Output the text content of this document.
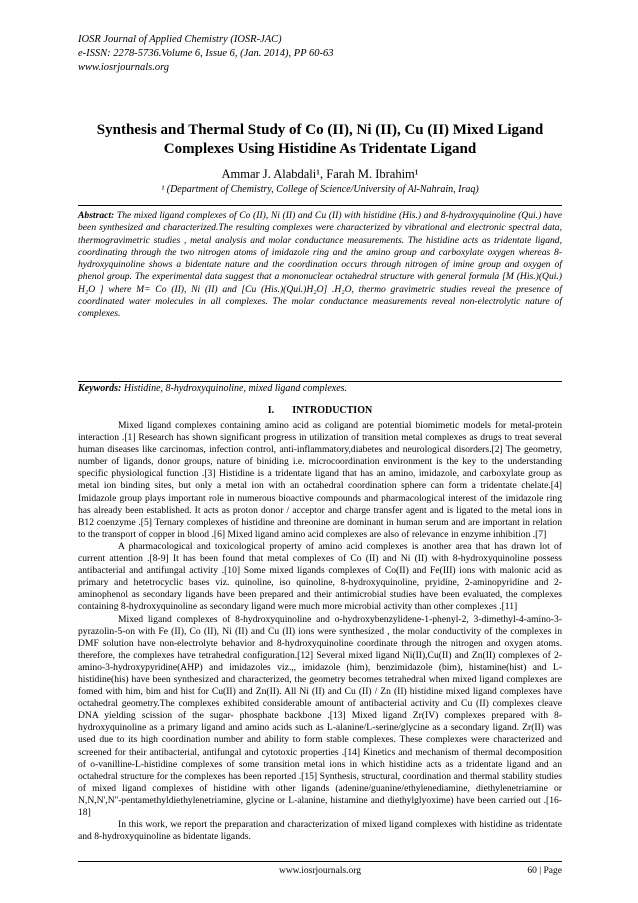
IOSR Journal of Applied Chemistry (IOSR-JAC)
e-ISSN: 2278-5736.Volume 6, Issue 6, (Jan. 2014), PP 60-63
www.iosrjournals.org
Synthesis and Thermal Study of Co (II), Ni (II), Cu (II) Mixed Ligand Complexes Using Histidine As Tridentate Ligand
Ammar J. Alabdali¹, Farah M. Ibrahim¹
¹ (Department of Chemistry, College of Science/University of Al-Nahrain, Iraq)
Abstract: The mixed ligand complexes of Co (II), Ni (II) and Cu (II) with histidine (His.) and 8-hydroxyquinoline (Qui.) have been synthesized and characterized.The resulting complexes were characterized by vibrational and electronic spectral data, thermogravimetric studies , metal analysis and molar conductance measurements. The histidine acts as tridentate ligand, coordinating through the two nitrogen atoms of imidazole ring and the amino group and carboxylate oxygen whereas 8-hydroxyquinoline shows a bidentate nature and the coordination occurs through nitrogen of imine group and oxygen of phenol group. The experimental data suggest that a mononuclear octahedral structure with general formula [M (His.)(Qui.) H₂O ] where M= Co (II), Ni (II) and [Cu (His.)(Qui.)H₂O] .H₂O, thermo gravimetric studies reveal the presence of coordinated water molecules in all complexes. The molar conductance measurements reveal non-electrolytic nature of complexes.
Keywords: Histidine, 8-hydroxyquinoline, mixed ligand complexes.
I. INTRODUCTION

Mixed ligand complexes containing amino acid as coligand are potential biomimetic models for metal-protein interaction .[1] Research has shown significant progress in utilization of transition metal complexes as drugs to treat several human diseases like carcinomas, infection control, anti-inflammatory,diabetes and neurological disorders.[2] The geometry, number of ligands, donor groups, nature of biniding i.e. microcoordination environment is the key to the understanding specific physiological function .[3] Histidine is a tridentate ligand that has an amino, imidazole, and carboxylate group as metal ion binding sites, but only a metal ion with an octahedral coordination sphere can form a tridentate chelate.[4] Imidazole group plays important role in numerous bioactive compounds and pharmacological interest of the imidazole ring has already been established. It acts as proton donor / acceptor and charge transfer agent and is ligated to the metal ions in B12 coenzyme .[5] Ternary complexes of histidine and threonine are dominant in human serum and are important in relation to the transport of copper in blood .[6] Mixed ligand amino acid complexes are also of relevance in enzyme inhibition .[7]

A pharmacological and toxicological property of amino acid complexes is another area that has drawn lot of current attention .[8-9] It has been found that metal complexes of Co (II) and Ni (II) with 8-hydroxyquinoline possess antibacterial and antifungal activity .[10] Some mixed ligands complexes of Co(II) and Fe(III) ions with malonic acid as primary and hetetrocyclic bases viz. quinoline, iso quinoline, 8-hydroxyquinoline, pryidine, 2-aminopyridine and 2-aminophenol as secondary ligands have been prepared and their antimicrobial studies have been evaluated, the complexes containing 8-hydroxyquinoline as secondary ligand were much more microbial activity than other complexes .[11]

Mixed ligand complexes of 8-hydroxyquinoline and o-hydroxybenzylidene-1-phenyl-2, 3-dimethyl-4-amino-3-pyrazolin-5-on with Fe (II), Co (II), Ni (II) and Cu (II) ions were synthesized , the molar conductivity of the complexes in DMF solution have non-electrolyte behavior and 8-hydroxyquinoline coordinate through the nitrogen and oxygen atoms. therefore, the complexes have tetrahedral configuration.[12] Several mixed ligand Ni(II),Cu(II) and Zn(II) complexes of 2-amino-3-hydroxypyridine(AHP) and imidazoles viz.,, imidazole (him), benzimidazole (bim), histamine(hist) and L-histidine(his) have been synthesized and characterized, the geometry becomes tetrahedral when mixed ligand complexes are fomed with him, bim and hist for Cu(II) and Zn(II). All Ni (II) and Cu (II) / Zn (II) histidine mixed ligand complexes have octahedral geometry.The complexes exhibited considerable amount of antibacterial activity and Cu (II) complexes cleave DNA yielding scission of the sugar- phosphate backbone .[13] Mixed ligand Zr(IV) complexes prepared with 8-hydroxyquinoline as a primary ligand and amino acids such as L-alanine/L-serine/glycine as a secondary ligand. Zr(II) was used due to its high coordination number and ability to form stable complexes. These complexes were characterized and screened for their antibacterial, antifungal and cytotoxic properties .[14] Kinetics and mechanism of thermal decomposition of o-vanilline-L-histidine complexes of some transition metal ions in which histidine acts as a tridentate ligand and an octahedral structure for the complexes has been reported .[15] Synthesis, structural, coordination and thermal stability studies of mixed ligand complexes of histidine with other ligands (adenine/guanine/ethylenediamine, diethylenetriamine or N,N,N',N''-pentamethyldiethylenetriamine, glycine or L-alanine, histamine and diethylglyoxime) have been carried out .[16-18]

In this work, we report the preparation and characterization of mixed ligand complexes with histidine as tridentate and 8-hydroxyquinoline as bidentate ligands.

www.iosrjournals.org	60 | Page
